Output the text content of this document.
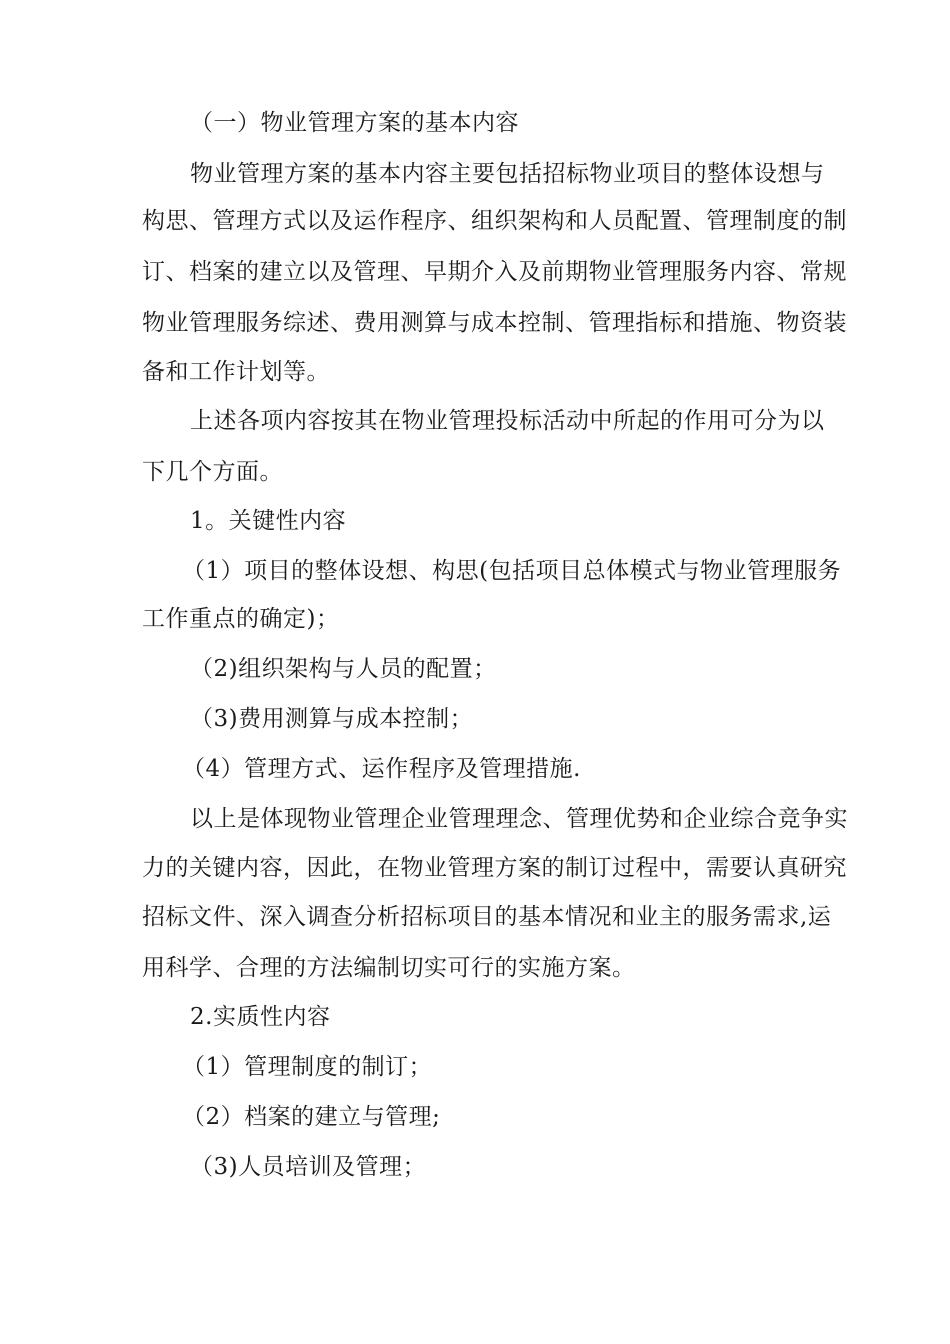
（一）物业管理方案的基本内容
物业管理方案的基本内容主要包括招标物业项目的整体设想与
构思、管理方式以及运作程序、组织架构和人员配置、管理制度的制
订、档案的建立以及管理、早期介入及前期物业管理服务内容、常规
物业管理服务综述、费用测算与成本控制、管理指标和措施、物资装
备和工作计划等。
上述各项内容按其在物业管理投标活动中所起的作用可分为以
下几个方面。
1。关键性内容
（1）项目的整体设想、构思(包括项目总体模式与物业管理服务
工作重点的确定)；
（2)组织架构与人员的配置；
（3)费用测算与成本控制；
（4）管理方式、运作程序及管理措施.
以上是体现物业管理企业管理理念、管理优势和企业综合竞争实
力的关键内容，因此，在物业管理方案的制订过程中，需要认真研究
招标文件、深入调查分析招标项目的基本情况和业主的服务需求,运
用科学、合理的方法编制切实可行的实施方案。
2.实质性内容
（1）管理制度的制订；
（2）档案的建立与管理;
（3)人员培训及管理；
